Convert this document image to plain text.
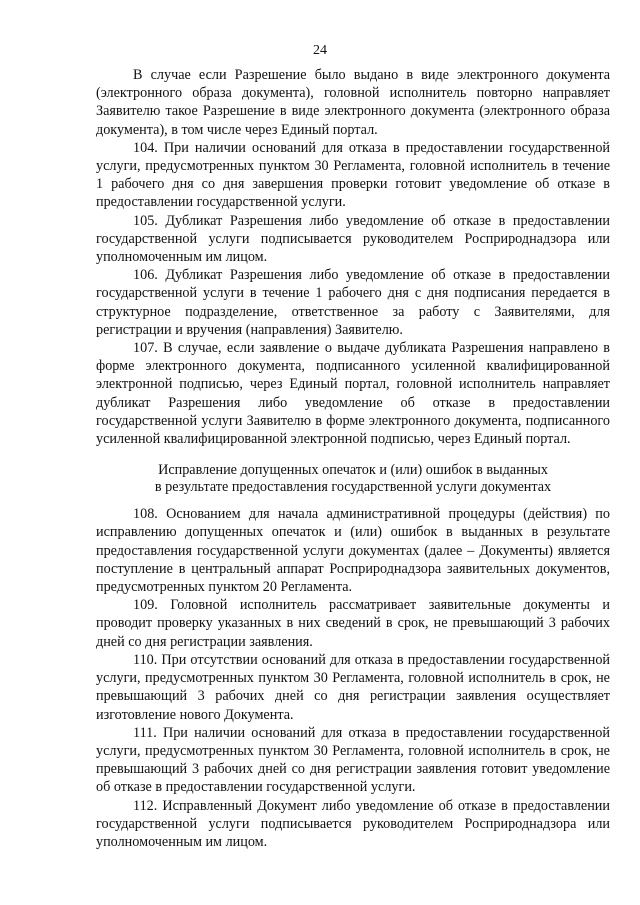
24

В случае если Разрешение было выдано в виде электронного документа (электронного образа документа), головной исполнитель повторно направляет Заявителю такое Разрешение в виде электронного документа (электронного образа документа), в том числе через Единый портал.

104. При наличии оснований для отказа в предоставлении государственной услуги, предусмотренных пунктом 30 Регламента, головной исполнитель в течение 1 рабочего дня со дня завершения проверки готовит уведомление об отказе в предоставлении государственной услуги.

105. Дубликат Разрешения либо уведомление об отказе в предоставлении государственной услуги подписывается руководителем Росприроднадзора или уполномоченным им лицом.

106. Дубликат Разрешения либо уведомление об отказе в предоставлении государственной услуги в течение 1 рабочего дня с дня подписания передается в структурное подразделение, ответственное за работу с Заявителями, для регистрации и вручения (направления) Заявителю.

107. В случае, если заявление о выдаче дубликата Разрешения направлено в форме электронного документа, подписанного усиленной квалифицированной электронной подписью, через Единый портал, головной исполнитель направляет дубликат Разрешения либо уведомление об отказе в предоставлении государственной услуги Заявителю в форме электронного документа, подписанного усиленной квалифицированной электронной подписью, через Единый портал.

Исправление допущенных опечаток и (или) ошибок в выданных
в результате предоставления государственной услуги документах

108. Основанием для начала административной процедуры (действия) по исправлению допущенных опечаток и (или) ошибок в выданных в результате предоставления государственной услуги документах (далее – Документы) является поступление в центральный аппарат Росприроднадзора заявительных документов, предусмотренных пунктом 20 Регламента.

109. Головной исполнитель рассматривает заявительные документы и проводит проверку указанных в них сведений в срок, не превышающий 3 рабочих дней со дня регистрации заявления.

110. При отсутствии оснований для отказа в предоставлении государственной услуги, предусмотренных пунктом 30 Регламента, головной исполнитель в срок, не превышающий 3 рабочих дней со дня регистрации заявления осуществляет изготовление нового Документа.

111. При наличии оснований для отказа в предоставлении государственной услуги, предусмотренных пунктом 30 Регламента, головной исполнитель в срок, не превышающий 3 рабочих дней со дня регистрации заявления готовит уведомление об отказе в предоставлении государственной услуги.

112. Исправленный Документ либо уведомление об отказе в предоставлении государственной услуги подписывается руководителем Росприроднадзора или уполномоченным им лицом.
